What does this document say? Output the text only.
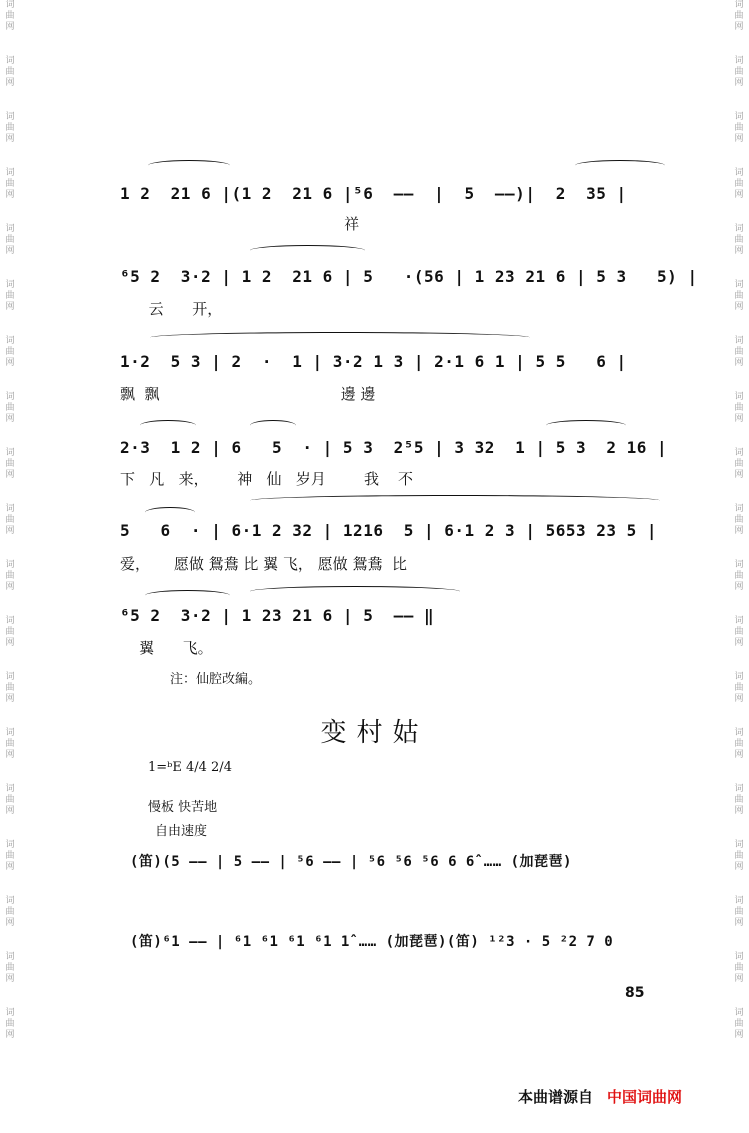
词
曲
网
词
曲
网
词
曲
网
词
曲
网
词
曲
网
词
曲
网
词
曲
网
词
曲
网
词
曲
网
词
曲
网
词
曲
网
词
曲
网
词
曲
网
词
曲
网
词
曲
网
词
曲
网
词
曲
网
词
曲
网
词
曲
网
词
曲
网
词
曲
网
词
曲
网
词
曲
网
词
曲
网
词
曲
网
词
曲
网
词
曲
网
词
曲
网
词
曲
网
词
曲
网
词
曲
网
词
曲
网
词
曲
网
词
曲
网
词
曲
网
词
曲
网
词
曲
网
词
曲
网
1 2  21 6 |(1 2  21 6 |⁵6  ——  |  5  ——)|  2  35 |
祥
⁶5 2  3·2 | 1 2  21 6 | 5   ·(56 | 1 23 21 6 | 5 3   5) |
云      开，
1·2  5 3 | 2  ·  1 | 3·2 1 3 | 2·1 6 1 | 5 5   6 |
飘  飘                                      邊 邊
2·3  1 2 | 6   5  · | 5 3  2⁵5 | 3 32  1 | 5 3  2 16 |
下   凡   来，      神   仙   岁月        我    不
5   6  · | 6·1 2 32 | 1216  5 | 6·1 2 3 | 5653 23 5 |
爱，     愿做 鴛鴦 比 翼 飞， 愿做 鴛鴦  比
⁶5 2  3·2 | 1 23 21 6 | 5  —— ‖
翼      飞。
注：仙腔改編。
变村姑
1=ᵇE 4/4 2/4
慢板 快苦地
自由速度
(笛)(5 —— | 5 —— | ⁵6 —— | ⁵6 ⁵6 ⁵6 6 6̂ …… (加琵琶)
(笛)⁶1 —— | ⁶1 ⁶1 ⁶1 ⁶1 1̂ …… (加琵琶)(笛) ¹²3 · 5 ²2 7 0
85
本曲谱源自 中国词曲网
